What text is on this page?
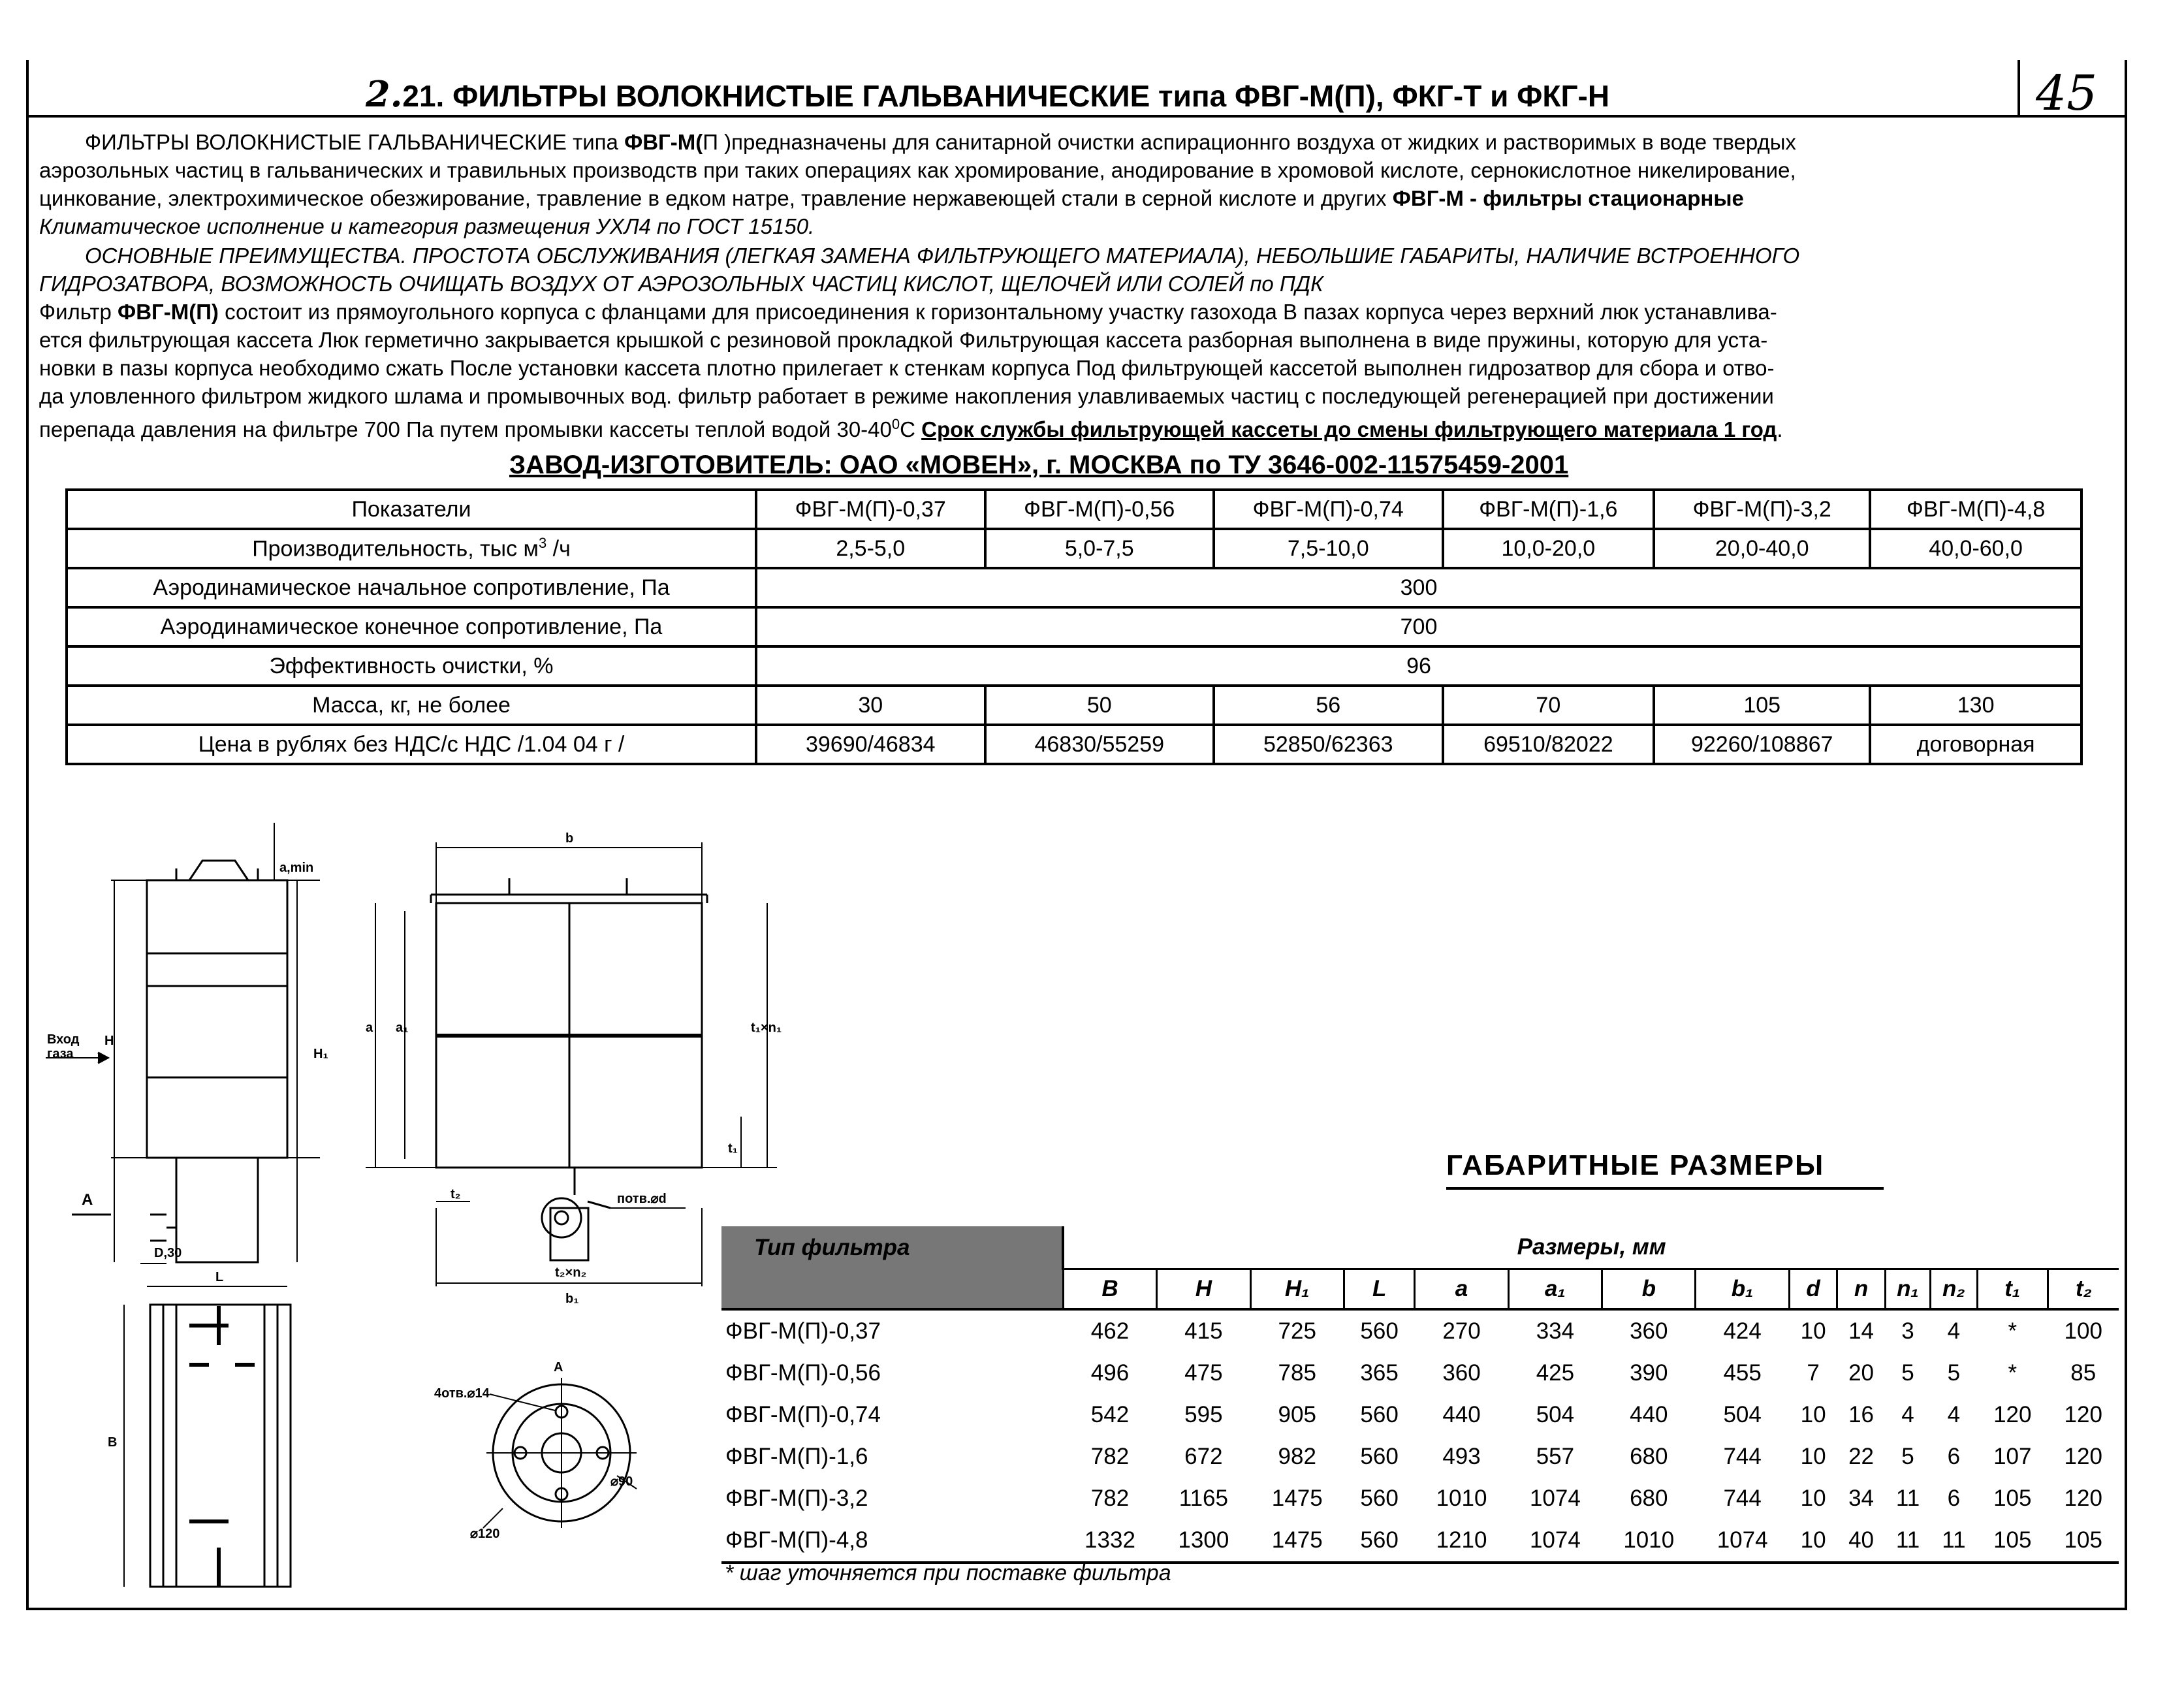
45
2.21. ФИЛЬТРЫ ВОЛОКНИСТЫЕ ГАЛЬВАНИЧЕСКИЕ типа ФВГ-М(П), ФКГ-Т и ФКГ-Н
ФИЛЬТРЫ ВОЛОКНИСТЫЕ ГАЛЬВАНИЧЕСКИЕ типа ФВГ-М(П )предназначены для санитарной очистки аспирационнго воздуха от жидких и растворимых в воде твердых
аэрозольных частиц в гальванических и травильных производств при таких операциях как хромирование, анодирование в хромовой кислоте, сернокислотное никелирование,
цинкование, электрохимическое обезжирование, травление в едком натре, травление нержавеющей стали в серной кислоте и других ФВГ-М - фильтры стационарные
Климатическое исполнение и категория размещения УХЛ4 по ГОСТ 15150.
ОСНОВНЫЕ ПРЕИМУЩЕСТВА. ПРОСТОТА ОБСЛУЖИВАНИЯ (ЛЕГКАЯ ЗАМЕНА ФИЛЬТРУЮЩЕГО МАТЕРИАЛА), НЕБОЛЬШИЕ ГАБАРИТЫ, НАЛИЧИЕ ВСТРОЕННОГО
ГИДРОЗАТВОРА, ВОЗМОЖНОСТЬ ОЧИЩАТЬ ВОЗДУХ ОТ АЭРОЗОЛЬНЫХ ЧАСТИЦ КИСЛОТ, ЩЕЛОЧЕЙ ИЛИ СОЛЕЙ по ПДК
Фильтр ФВГ-М(П) состоит из прямоугольного корпуса с фланцами для присоединения к горизонтальному участку газохода В пазах корпуса через верхний люк устанавлива-
ется фильтрующая кассета Люк герметично закрывается крышкой с резиновой прокладкой Фильтрующая кассета разборная выполнена в виде пружины, которую для уста-
новки в пазы корпуса необходимо сжать После установки кассета плотно прилегает к стенкам корпуса Под фильтрующей кассетой выполнен гидрозатвор для сбора и отво-
да уловленного фильтром жидкого шлама и промывочных вод. фильтр работает в режиме накопления улавливаемых частиц с последующей регенерацией при достижении
перепада давления на фильтре 700 Па путем промывки кассеты теплой водой $30-40^0С$ Срок службы фильтрующей кассеты до смены фильтрующего материала 1 год.
ЗАВОД-ИЗГОТОВИТЕЛЬ: ОАО «МОВЕН», г. МОСКВА по ТУ 3646-002-11575459-2001
Показатели	ФВГ-М(П)-0,37	ФВГ-М(П)-0,56	ФВГ-М(П)-0,74	ФВГ-М(П)-1,6	ФВГ-М(П)-3,2	ФВГ-М(П)-4,8
Производительность, тыс $м^3$ /ч	2,5-5,0	5,0-7,5	7,5-10,0	10,0-20,0	20,0-40,0	40,0-60,0
Аэродинамическое начальное сопротивление, Па	300					
Аэродинамическое конечное сопротивление, Па	700					
Эффективность очистки, %	96					
Масса, кг, не более	30	50	56	70	105	130
Цена в рублях без НДС/с НДС /1.04 04 г /	39690/46834	46830/55259	52850/62363	69510/82022	92260/108867	договорная
Вход
газа
H
H₁
a,min
A
D,30
L
B
b
a a₁	t₁×n₁
t₁
t₂
t₂×n₂
b₁
потв.⌀d
A
4отв.⌀14
⌀90
⌀120
ГАБАРИТНЫЕ РАЗМЕРЫ
Тип фильтра	Размеры, мм													
	B	H	H₁	L	a	a₁	b	b₁	d	n	n₁	n₂	t₁	t₂
ФВГ-М(П)-0,37	462	415	725	560	270	334	360	424	10	14	3	4	*	100
ФВГ-М(П)-0,56	496	475	785	365	360	425	390	455	7	20	5	5	*	85
ФВГ-М(П)-0,74	542	595	905	560	440	504	440	504	10	16	4	4	120	120
ФВГ-М(П)-1,6	782	672	982	560	493	557	680	744	10	22	5	6	107	120
ФВГ-М(П)-3,2	782	1165	1475	560	1010	1074	680	744	10	34	11	6	105	120
ФВГ-М(П)-4,8	1332	1300	1475	560	1210	1074	1010	1074	10	40	11	11	105	105
* шаг уточняется при поставке фильтра
